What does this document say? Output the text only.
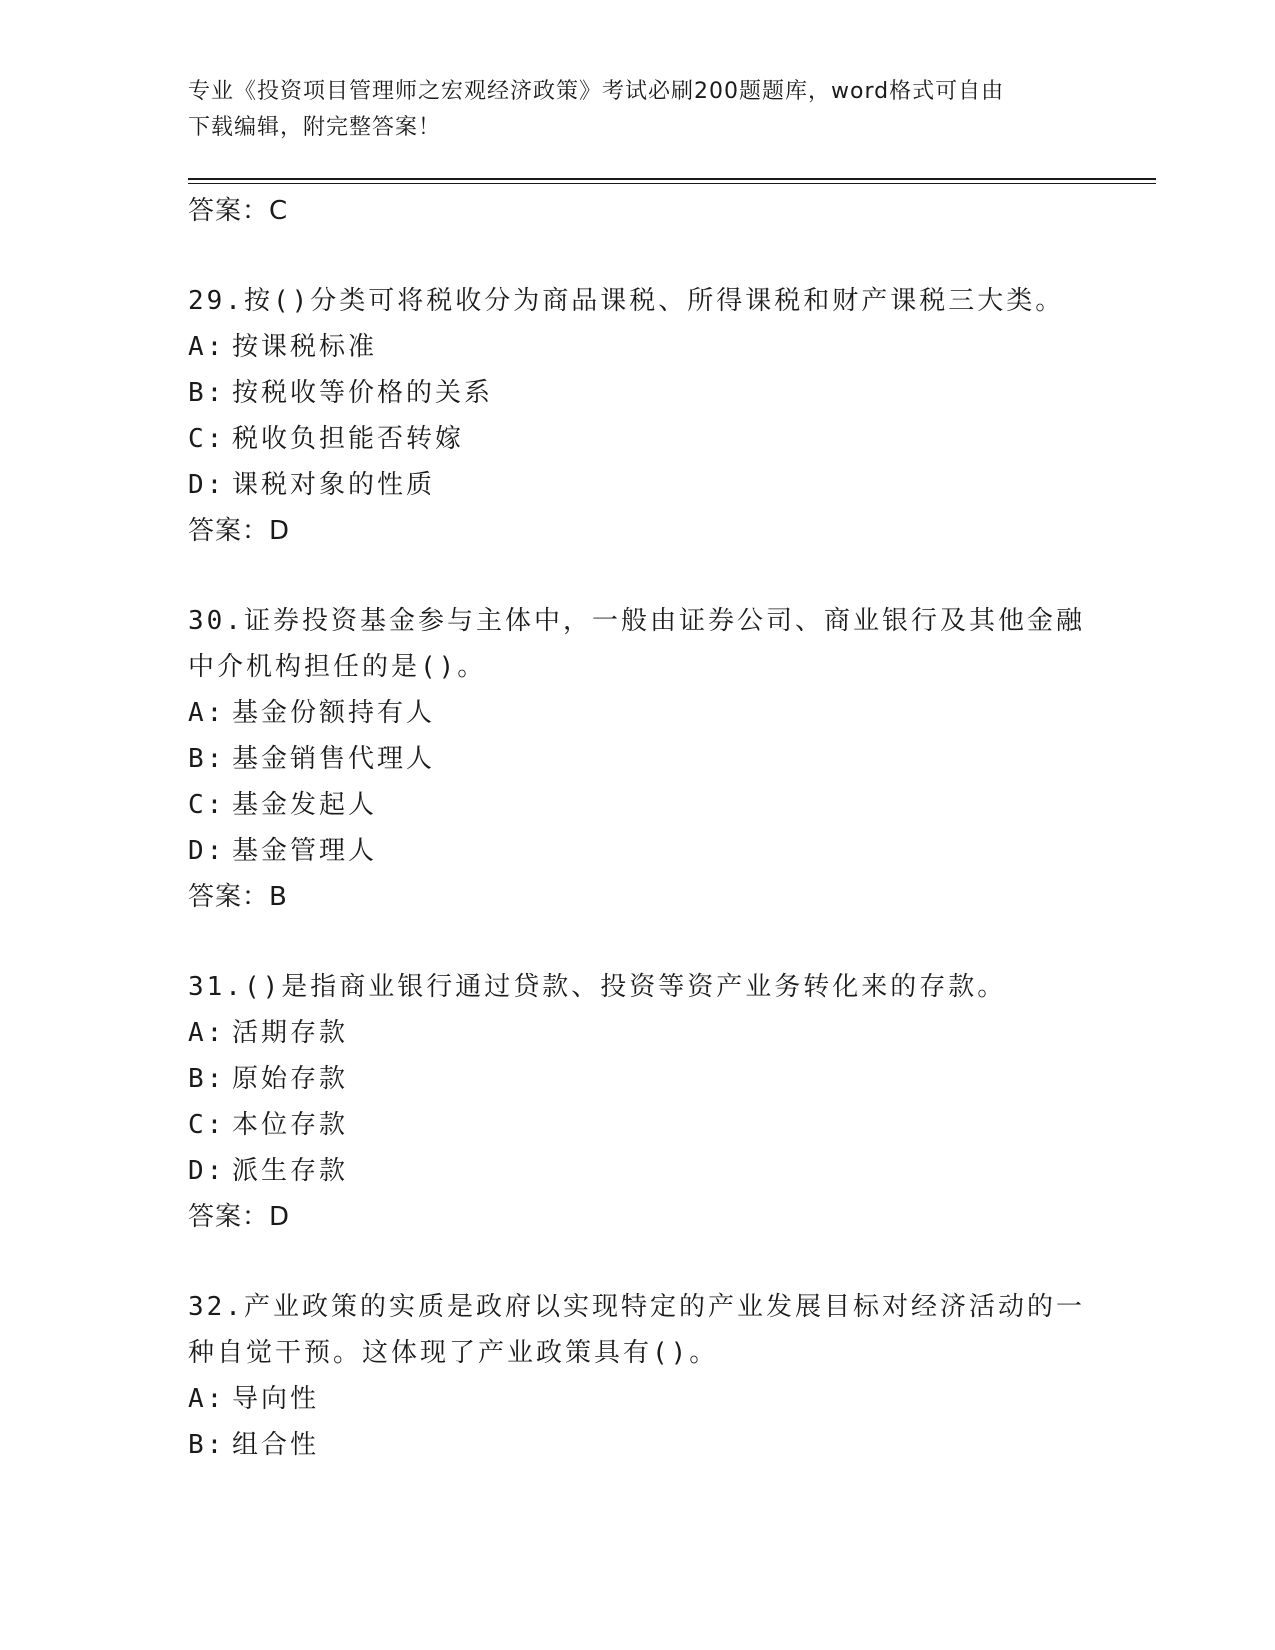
专业《投资项目管理师之宏观经济政策》考试必刷200题题库，word格式可自由
下载编辑，附完整答案！
答案：C
29.按()分类可将税收分为商品课税、所得课税和财产课税三大类。
A: 按课税标准
B: 按税收等价格的关系
C: 税收负担能否转嫁
D: 课税对象的性质
答案：D
30.证券投资基金参与主体中，一般由证券公司、商业银行及其他金融
中介机构担任的是()。
A: 基金份额持有人
B: 基金销售代理人
C: 基金发起人
D: 基金管理人
答案：B
31.()是指商业银行通过贷款、投资等资产业务转化来的存款。
A: 活期存款
B: 原始存款
C: 本位存款
D: 派生存款
答案：D
32.产业政策的实质是政府以实现特定的产业发展目标对经济活动的一
种自觉干预。这体现了产业政策具有()。
A: 导向性
B: 组合性
